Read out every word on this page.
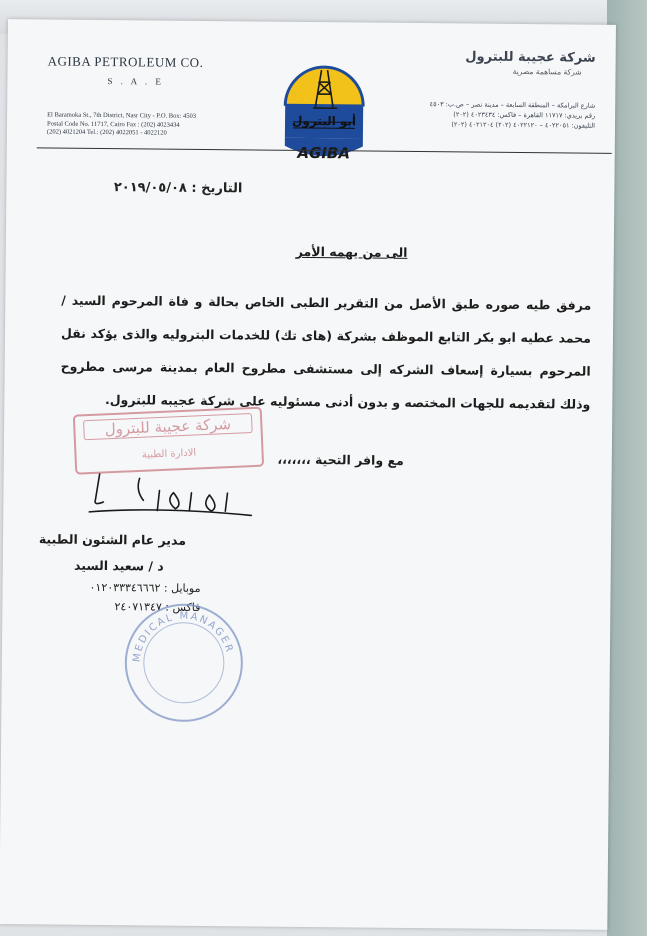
AGIBA PETROLEUM CO.
S . A . E
El Baramoka St., 7th District, Nasr City - P.O. Box: 4503
Postal Code No. 11717, Cairo Fax : (202) 4023434
(202) 4021204 Tel.: (202) 4022051 - 4022120
أبو البترول
AGIBA
شركة عجيبة للبترول
شركة مساهمة مصرية
شارع البرامكة – المنطقة السابعة – مدينة نصر – ص.ب: ٤٥٠٣
رقم بريدي: ١١٧١٧ القاهرة – فاكس: ٤٠٢٣٤٣٤ (٢٠٢)
التليفون: ٤٠٢٢٠٥١ – ٤٠٢٢١٢٠ (٢٠٢) ٤٠٢١٢٠٤ (٢٠٢)
التاريخ : ٢٠١٩/٠٥/٠٨
الى من يهمه الأمر
مرفق طيه صوره طبق الأصل من التقرير الطبى الخاص بحالة و فاة المرحوم السيد / محمد عطيه ابو بكر التابع الموظف بشركة (هاى تك) للخدمات البتروليه والذى يؤكد نقل المرحوم بسيارة إسعاف الشركه إلى مستشفى مطروح العام بمدينة مرسى مطروح وذلك لتقديمه للجهات المختصه و بدون أدنى مسئوليه على شركة عجيبه للبترول.
مع وافر التحية ،،،،،،،
شركة عجيبة للبترول
الادارة الطبية
مدير عام الشئون الطبية
د / سعيد السيد
موبايل : ٠١٢٠٣٣٣٤٦٦٦٢
فاكس : ٢٤٠٧١٣٤٧
MEDICAL MANAGER
